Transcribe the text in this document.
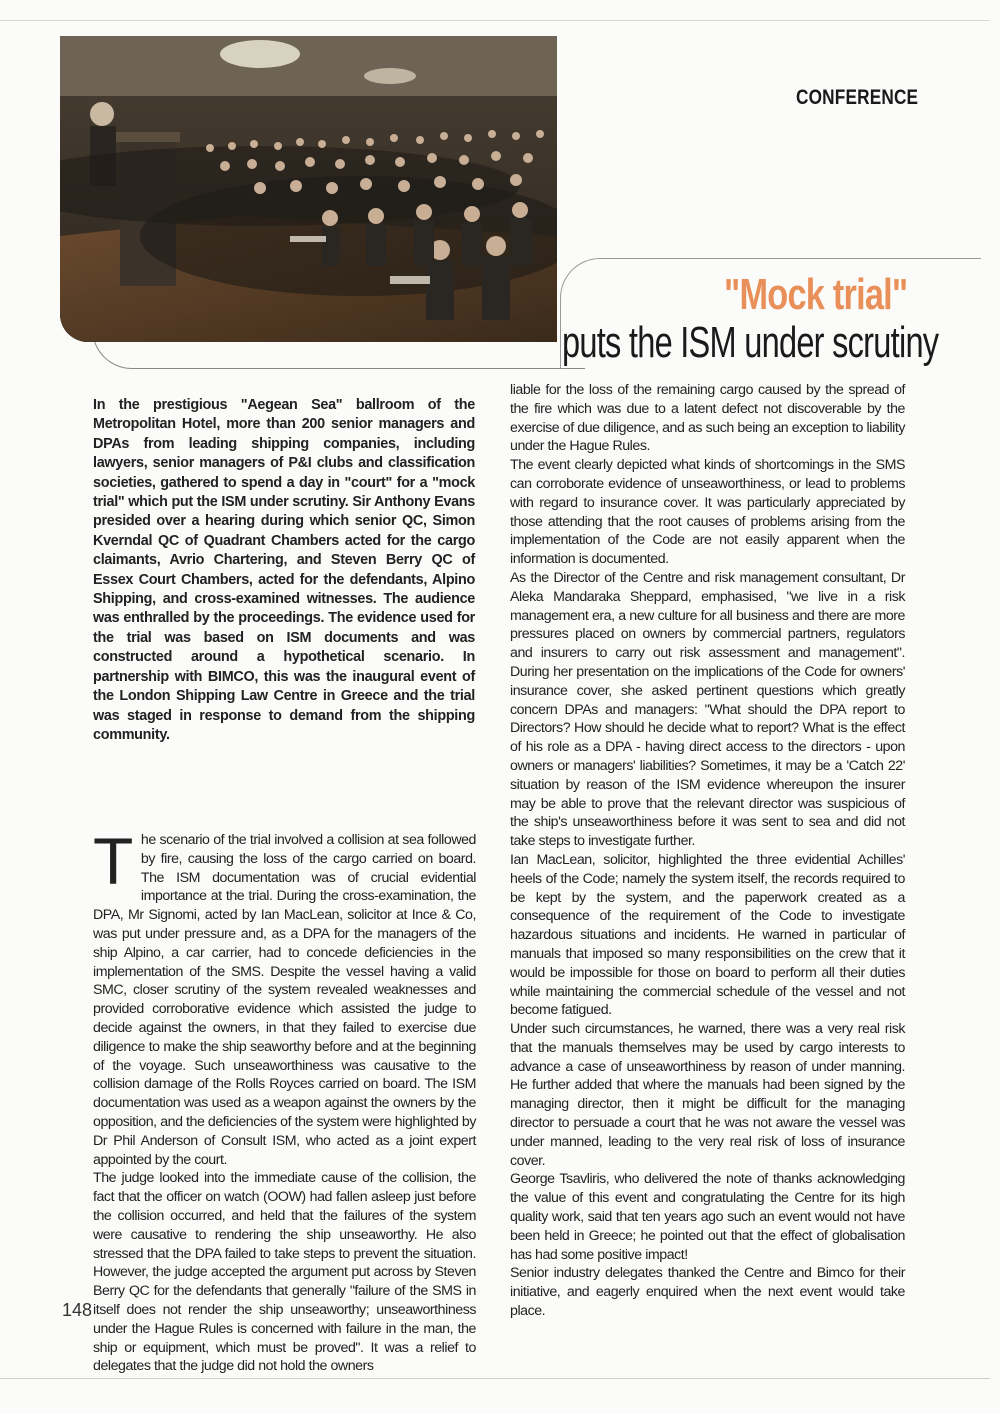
CONFERENCE
"Mock trial"
puts the ISM under scrutiny
In the prestigious "Aegean Sea" ballroom of the Metropolitan Hotel, more than 200 senior managers and DPAs from leading shipping companies, including lawyers, senior managers of P&I clubs and classification societies, gathered to spend a day in "court" for a "mock trial" which put the ISM under scrutiny. Sir Anthony Evans presided over a hearing during which senior QC, Simon Kverndal QC of Quadrant Chambers acted for the cargo claimants, Avrio Chartering, and Steven Berry QC of Essex Court Chambers, acted for the defendants, Alpino Shipping, and cross-examined witnesses. The audience was enthralled by the proceedings. The evidence used for the trial was based on ISM documents and was constructed around a hypothetical scenario. In partnership with BIMCO, this was the inaugural event of the London Shipping Law Centre in Greece and the trial was staged in response to demand from the shipping community.

The scenario of the trial involved a collision at sea followed by fire, causing the loss of the cargo carried on board. The ISM documentation was of crucial evidential importance at the trial. During the cross-examination, the DPA, Mr Signomi, acted by Ian MacLean, solicitor at Ince & Co, was put under pressure and, as a DPA for the managers of the ship Alpino, a car carrier, had to concede deficiencies in the implementation of the SMS. Despite the vessel having a valid SMC, closer scrutiny of the system revealed weaknesses and provided corroborative evidence which assisted the judge to decide against the owners, in that they failed to exercise due diligence to make the ship seaworthy before and at the beginning of the voyage. Such unseaworthiness was causative to the collision damage of the Rolls Royces carried on board. The ISM documentation was used as a weapon against the owners by the opposition, and the deficiencies of the system were highlighted by Dr Phil Anderson of Consult ISM, who acted as a joint expert appointed by the court.

The judge looked into the immediate cause of the collision, the fact that the officer on watch (OOW) had fallen asleep just before the collision occurred, and held that the failures of the system were causative to rendering the ship unseaworthy. He also stressed that the DPA failed to take steps to prevent the situation. However, the judge accepted the argument put across by Steven Berry QC for the defendants that generally "failure of the SMS in itself does not render the ship unseaworthy; unseaworthiness under the Hague Rules is concerned with failure in the man, the ship or equipment, which must be proved". It was a relief to delegates that the judge did not hold the owners

liable for the loss of the remaining cargo caused by the spread of the fire which was due to a latent defect not discoverable by the exercise of due diligence, and as such being an exception to liability under the Hague Rules.

The event clearly depicted what kinds of shortcomings in the SMS can corroborate evidence of unseaworthiness, or lead to problems with regard to insurance cover. It was particularly appreciated by those attending that the root causes of problems arising from the implementation of the Code are not easily apparent when the information is documented.

As the Director of the Centre and risk management consultant, Dr Aleka Mandaraka Sheppard, emphasised, "we live in a risk management era, a new culture for all business and there are more pressures placed on owners by commercial partners, regulators and insurers to carry out risk assessment and management". During her presentation on the implications of the Code for owners' insurance cover, she asked pertinent questions which greatly concern DPAs and managers: "What should the DPA report to Directors? How should he decide what to report? What is the effect of his role as a DPA - having direct access to the directors - upon owners or managers' liabilities? Sometimes, it may be a 'Catch 22' situation by reason of the ISM evidence whereupon the insurer may be able to prove that the relevant director was suspicious of the ship's unseaworthiness before it was sent to sea and did not take steps to investigate further.

Ian MacLean, solicitor, highlighted the three evidential Achilles' heels of the Code; namely the system itself, the records required to be kept by the system, and the paperwork created as a consequence of the requirement of the Code to investigate hazardous situations and incidents. He warned in particular of manuals that imposed so many responsibilities on the crew that it would be impossible for those on board to perform all their duties while maintaining the commercial schedule of the vessel and not become fatigued.

Under such circumstances, he warned, there was a very real risk that the manuals themselves may be used by cargo interests to advance a case of unseaworthiness by reason of under manning. He further added that where the manuals had been signed by the managing director, then it might be difficult for the managing director to persuade a court that he was not aware the vessel was under manned, leading to the very real risk of loss of insurance cover.

George Tsavliris, who delivered the note of thanks acknowledging the value of this event and congratulating the Centre for its high quality work, said that ten years ago such an event would not have been held in Greece; he pointed out that the effect of globalisation has had some positive impact!

Senior industry delegates thanked the Centre and Bimco for their initiative, and eagerly enquired when the next event would take place.

148
